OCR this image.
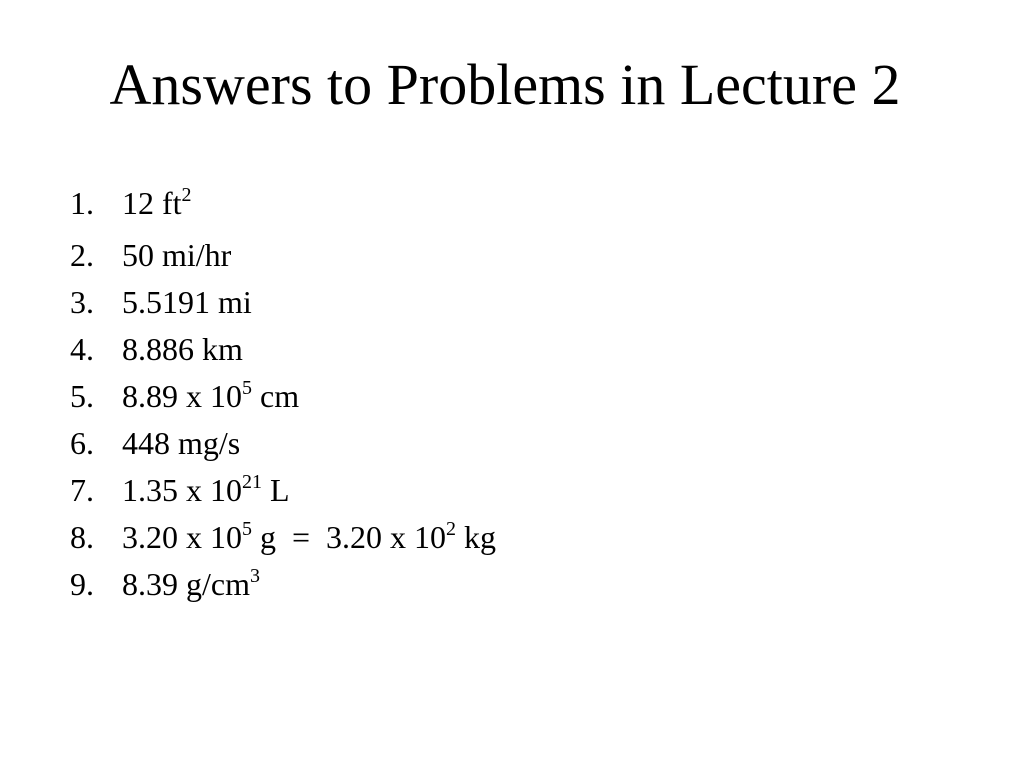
Answers to Problems in Lecture 2
1. 12 $ft^2$
2. 50 mi/hr
3. 5.5191 mi
4. 8.886 km
5. 8.89 x $10^5$ cm
6. 448 mg/s
7. 1.35 x $10^{21}$ L
8. 3.20 x $10^5$ g  =  3.20 x $10^2$ kg
9. 8.39 $g/cm^3$
